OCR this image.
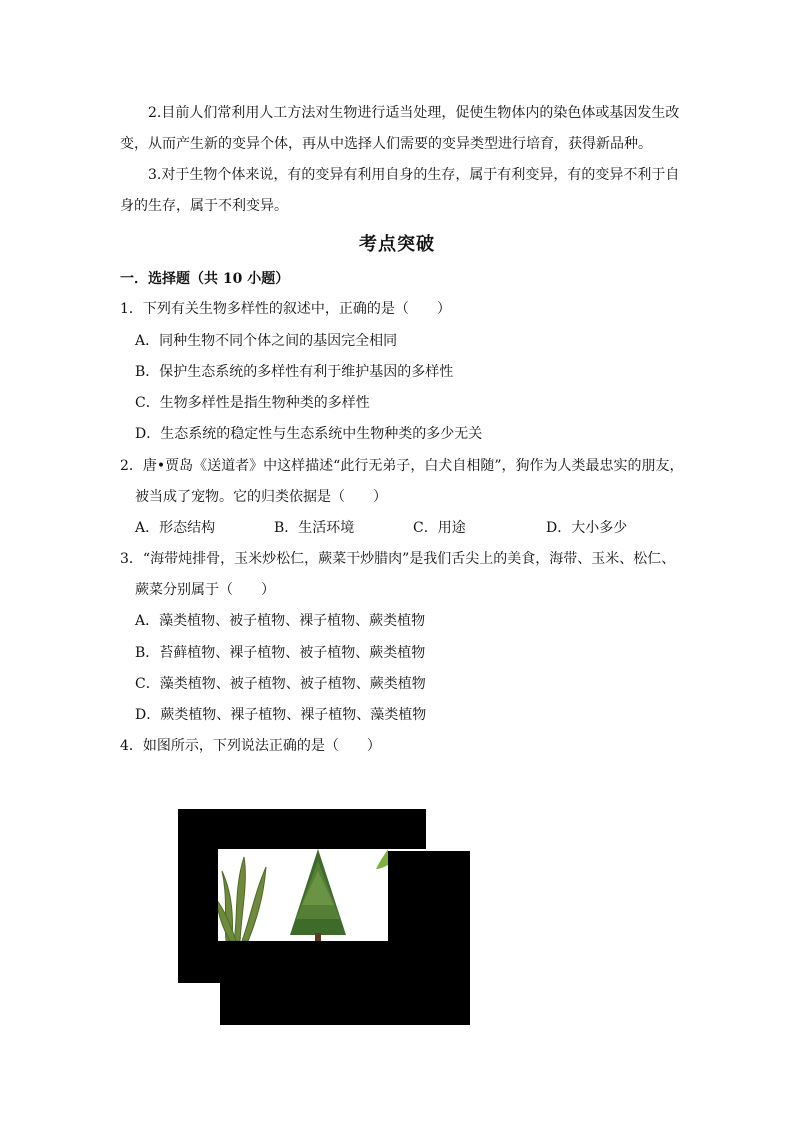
2.目前人们常利用人工方法对生物进行适当处理，促使生物体内的染色体或基因发生改变，从而产生新的变异个体，再从中选择人们需要的变异类型进行培育，获得新品种。

3.对于生物个体来说，有的变异有利用自身的生存，属于有利变异，有的变异不利于自身的生存，属于不利变异。

考点突破
一．选择题（共 10 小题）
1．下列有关生物多样性的叙述中，正确的是（　　）
A．同种生物不同个体之间的基因完全相同
B．保护生态系统的多样性有利于维护基因的多样性
C．生物多样性是指生物种类的多样性
D．生态系统的稳定性与生态系统中生物种类的多少无关
2．唐•贾岛《送道者》中这样描述“此行无弟子，白犬自相随”，狗作为人类最忠实的朋友，
被当成了宠物。它的归类依据是（　　）
A．形态结构	B．生活环境	C．用途	D．大小多少
3．“海带炖排骨，玉米炒松仁，蕨菜干炒腊肉”是我们舌尖上的美食，海带、玉米、松仁、
蕨菜分别属于（　　）
A．藻类植物、被子植物、裸子植物、蕨类植物
B．苔藓植物、裸子植物、被子植物、蕨类植物
C．藻类植物、被子植物、被子植物、蕨类植物
D．蕨类植物、裸子植物、裸子植物、藻类植物
4．如图所示，下列说法正确的是（　　）
